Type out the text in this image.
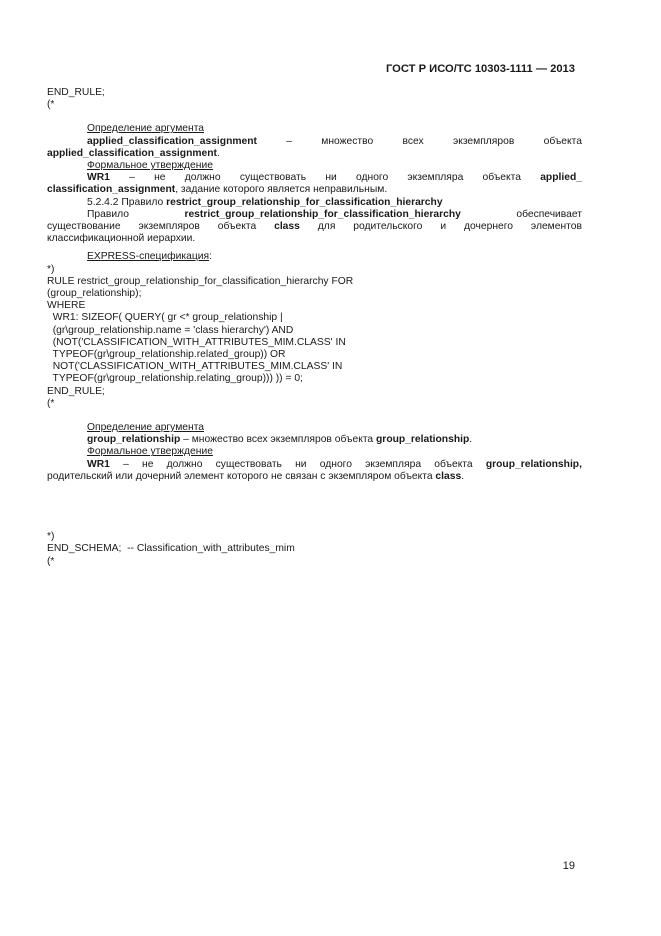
ГОСТ Р ИСО/ТС 10303-1111 — 2013
END_RULE;
(*
Определение аргумента
applied_classification_assignment	– множество всех экземпляров объекта
applied_classification_assignment.
Формальное утверждение
WR1 – не должно существовать ни одного экземпляра объекта applied_
classification_assignment, задание которого является неправильным.
5.2.4.2 Правило restrict_group_relationship_for_classification_hierarchy
Правило	restrict_group_relationship_for_classification_hierarchy	обеспечивает
существование экземпляров объекта class для родительского и дочернего элементов
классификационной иерархии.
EXPRESS-спецификация:
*)
RULE restrict_group_relationship_for_classification_hierarchy FOR
(group_relationship);
WHERE
WR1: SIZEOF( QUERY( gr <* group_relationship |
(gr\group_relationship.name = 'class hierarchy') AND
(NOT('CLASSIFICATION_WITH_ATTRIBUTES_MIM.CLASS' IN
TYPEOF(gr\group_relationship.related_group)) OR
NOT('CLASSIFICATION_WITH_ATTRIBUTES_MIM.CLASS' IN
TYPEOF(gr\group_relationship.relating_group))) )) = 0;
END_RULE;
(*
Определение аргумента
group_relationship – множество всех экземпляров объекта group_relationship.
Формальное утверждение
WR1 – не должно существовать ни одного экземпляра объекта group_relationship,
родительский или дочерний элемент которого не связан с экземпляром объекта class.
*)
END_SCHEMA;  -- Classification_with_attributes_mim
(*
19
